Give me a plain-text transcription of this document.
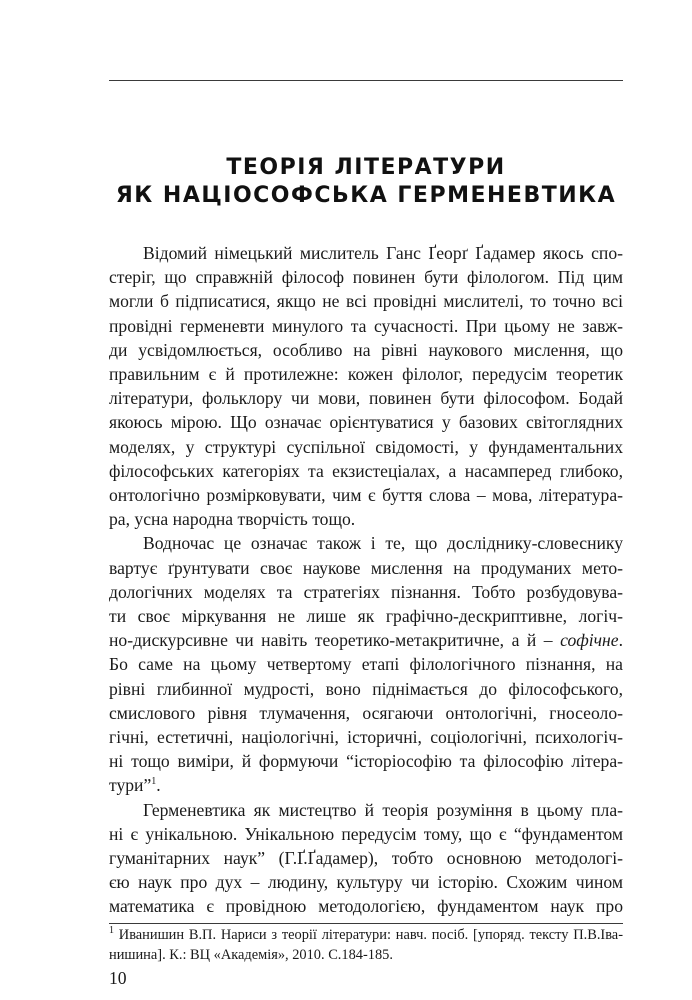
ТЕОРІЯ ЛІТЕРАТУРИ
ЯК НАЦІОСОФСЬКА ГЕРМЕНЕВТИКА
Відомий німецький мислитель Ганс Ґеорґ Ґадамер якось спо-
стеріг, що справжній філософ повинен бути філологом. Під цим
могли б підписатися, якщо не всі провідні мислителі, то точно всі
провідні герменевти минулого та сучасності. При цьому не завж-
ди усвідомлюється, особливо на рівні наукового мислення, що
правильним є й протилежне: кожен філолог, передусім теоретик
літератури, фольклору чи мови, повинен бути філософом. Бодай
якоюсь мірою. Що означає орієнтуватися у базових світоглядних
моделях, у структурі суспільної свідомості, у фундаментальних
філософських категоріях та екзистеціалах, а насамперед глибоко,
онтологічно розмірковувати, чим є буття слова – мова, література-
ра, усна народна творчість тощо.
Водночас це означає також і те, що досліднику-словеснику
вартує ґрунтувати своє наукове мислення на продуманих мето-
дологічних моделях та стратегіях пізнання. Тобто розбудовува-
ти своє міркування не лише як графічно-дескриптивне, логіч-
но-дискурсивне чи навіть теоретико-метакритичне, а й – софічне.
Бо саме на цьому четвертому етапі філологічного пізнання, на
рівні глибинної мудрості, воно піднімається до філософського,
смислового рівня тлумачення, осягаючи онтологічні, гносеоло-
гічні, естетичні, націологічні, історичні, соціологічні, психологіч-
ні тощо виміри, й формуючи “історіософію та філософію літера-
тури”$^1$.
Герменевтика як мистецтво й теорія розуміння в цьому пла-
ні є унікальною. Унікальною передусім тому, що є “фундаментом
гуманітарних наук” (Г.Ґ.Ґадамер), тобто основною методологі-
єю наук про дух – людину, культуру чи історію. Схожим чином
математика є провідною методологією, фундаментом наук про
$^1$ Иванишин В.П. Нариси з теорії літератури: навч. посіб. [упоряд. тексту П.В.Іва-
нишина]. К.: ВЦ «Академія», 2010. С.184-185.
10
